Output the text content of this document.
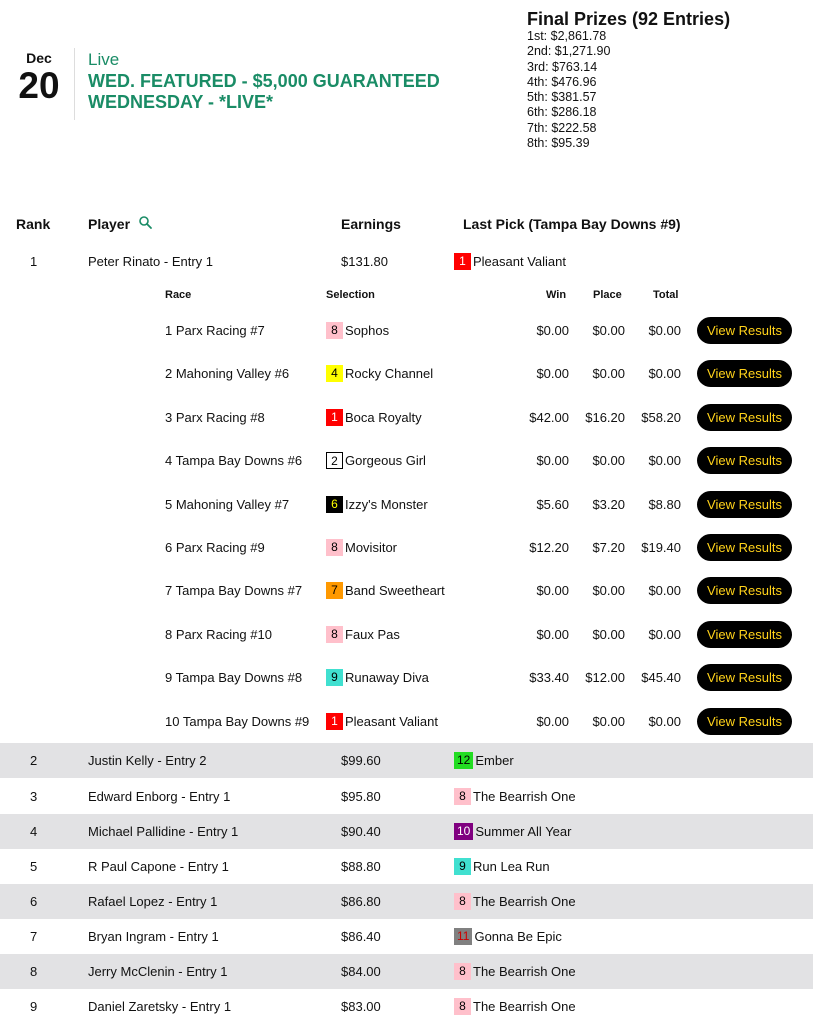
Dec
20
Live
WED. FEATURED - $5,000 GUARANTEED WEDNESDAY - *LIVE*
Final Prizes (92 Entries)
1st: $2,861.78
2nd: $1,271.90
3rd: $763.14
4th: $476.96
5th: $381.57
6th: $286.18
7th: $222.58
8th: $95.39
Rank	Player	Earnings	Last Pick (Tampa Bay Downs #9)
1	Peter Rinato - Entry 1	$131.80	1 Pleasant Valiant
2	Justin Kelly - Entry 2	$99.60	12 Ember
3	Edward Enborg - Entry 1	$95.80	8 The Bearrish One
4	Michael Pallidine - Entry 1	$90.40	10 Summer All Year
5	R Paul Capone - Entry 1	$88.80	9 Run Lea Run
6	Rafael Lopez - Entry 1	$86.80	8 The Bearrish One
7	Bryan Ingram - Entry 1	$86.40	11 Gonna Be Epic
8	Jerry McClenin - Entry 1	$84.00	8 The Bearrish One
9	Daniel Zaretsky - Entry 1	$83.00	8 The Bearrish One
Race	Selection	Win Place	Total
1 Parx Racing #7	8 Sophos	$0.00 $0.00 $0.00	View Results
2 Mahoning Valley #6	4 Rocky Channel	$0.00 $0.00 $0.00	View Results
3 Parx Racing #8	1 Boca Royalty	$42.00 $16.20 $58.20	View Results
4 Tampa Bay Downs #6	2 Gorgeous Girl	$0.00 $0.00 $0.00	View Results
5 Mahoning Valley #7	6 Izzy's Monster	$5.60 $3.20 $8.80	View Results
6 Parx Racing #9	8 Movisitor	$12.20 $7.20 $19.40	View Results
7 Tampa Bay Downs #7	7 Band Sweetheart	$0.00 $0.00 $0.00	View Results
8 Parx Racing #10	8 Faux Pas	$0.00 $0.00 $0.00	View Results
9 Tampa Bay Downs #8	9 Runaway Diva	$33.40 $12.00 $45.40	View Results
10 Tampa Bay Downs #9	1 Pleasant Valiant	$0.00 $0.00 $0.00	View Results
